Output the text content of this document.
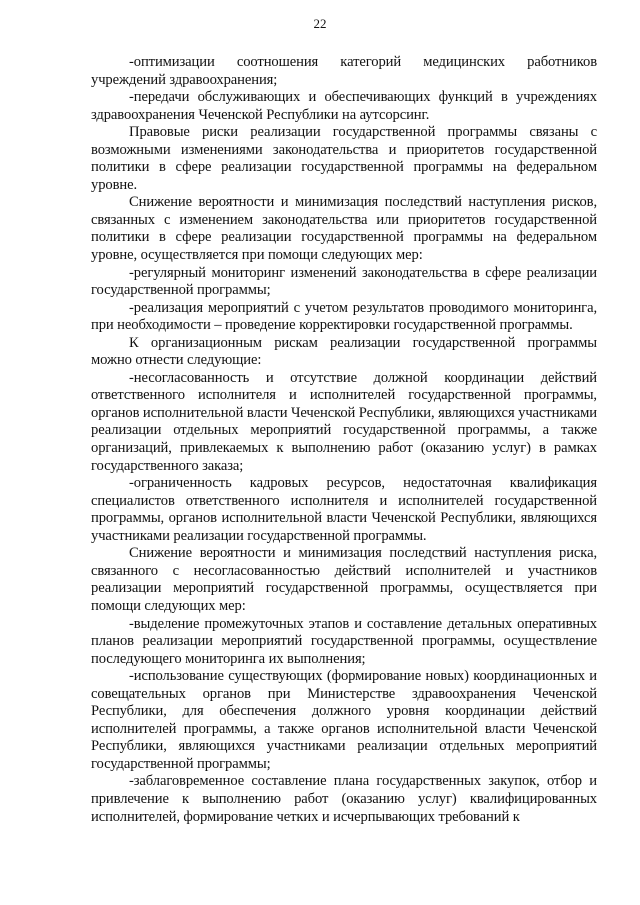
22

-оптимизации соотношения категорий медицинских работников учреждений здравоохранения;

-передачи обслуживающих и обеспечивающих функций в учреждениях здравоохранения Чеченской Республики на аутсорсинг.

Правовые риски реализации государственной программы связаны с возможными изменениями законодательства и приоритетов государственной политики в сфере реализации государственной программы на федеральном уровне.

Снижение вероятности и минимизация последствий наступления рисков, связанных с изменением законодательства или приоритетов государственной политики в сфере реализации государственной программы на федеральном уровне, осуществляется при помощи следующих мер:

-регулярный мониторинг изменений законодательства в сфере реализации государственной программы;

-реализация мероприятий с учетом результатов проводимого мониторинга, при необходимости – проведение корректировки государственной программы.

К организационным рискам реализации государственной программы можно отнести следующие:

-несогласованность и отсутствие должной координации действий ответственного исполнителя и исполнителей государственной программы, органов исполнительной власти Чеченской Республики, являющихся участниками реализации отдельных мероприятий государственной программы, а также организаций, привлекаемых к выполнению работ (оказанию услуг) в рамках государственного заказа;

-ограниченность кадровых ресурсов, недостаточная квалификация специалистов ответственного исполнителя и исполнителей государственной программы, органов исполнительной власти Чеченской Республики, являющихся участниками реализации государственной программы.

Снижение вероятности и минимизация последствий наступления риска, связанного с несогласованностью действий исполнителей и участников реализации мероприятий государственной программы, осуществляется при помощи следующих мер:

-выделение промежуточных этапов и составление детальных оперативных планов реализации мероприятий государственной программы, осуществление последующего мониторинга их выполнения;

-использование существующих (формирование новых) координационных и совещательных органов при Министерстве здравоохранения Чеченской Республики, для обеспечения должного уровня координации действий исполнителей программы, а также органов исполнительной власти Чеченской Республики, являющихся участниками реализации отдельных мероприятий государственной программы;

-заблаговременное составление плана государственных закупок, отбор и привлечение к выполнению работ (оказанию услуг) квалифицированных исполнителей, формирование четких и исчерпывающих требований к
